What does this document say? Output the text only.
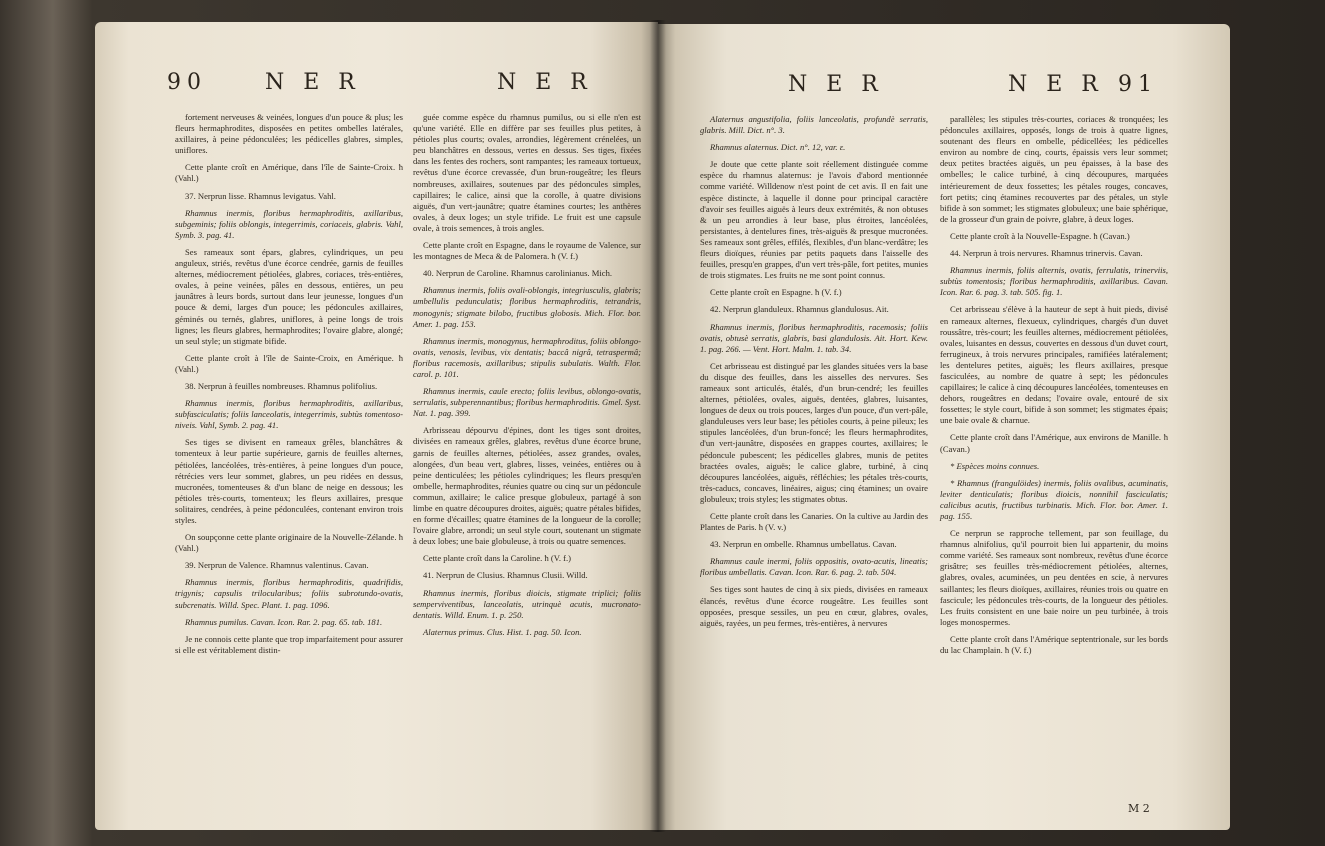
90	N E R	N E R

fortement nerveuses & veinées, longues d'un pouce & plus; les fleurs hermaphrodites, disposées en petites ombelles latérales, axillaires, à peine pédonculées; les pédicelles glabres, simples, uniflores.

Cette plante croît en Amérique, dans l'île de Sainte-Croix. ħ (Vahl.)

37. Nerprun lisse. Rhamnus levigatus. Vahl.

Rhamnus inermis, floribus hermaphroditis, axillaribus, subgeminis; foliis oblongis, integerrimis, coriaceis, glabris. Vahl, Symb. 3. pag. 41.

Ses rameaux sont épars, glabres, cylindriques, un peu anguleux, striés, revêtus d'une écorce cendrée, garnis de feuilles alternes, médiocrement pétiolées, glabres, coriaces, très-entières, ovales, à peine veinées, pâles en dessous, entières, un peu jaunâtres à leurs bords, surtout dans leur jeunesse, longues d'un pouce & demi, larges d'un pouce; les pédoncules axillaires, géminés ou ternés, glabres, uniflores, à peine longs de trois lignes; les fleurs glabres, hermaphrodites; l'ovaire glabre, alongé; un seul style; un stigmate bifide.

Cette plante croît à l'île de Sainte-Croix, en Amérique. ħ (Vahl.)

38. Nerprun à feuilles nombreuses. Rhamnus polifolius.

Rhamnus inermis, floribus hermaphroditis, axillaribus, subfasciculatis; foliis lanceolatis, integerrimis, subtùs tomentoso-niveis. Vahl, Symb. 2. pag. 41.

Ses tiges se divisent en rameaux grêles, blanchâtres & tomenteux à leur partie supérieure, garnis de feuilles alternes, pétiolées, lancéolées, très-entières, à peine longues d'un pouce, rétrécies vers leur sommet, glabres, un peu ridées en dessus, mucronées, tomenteuses & d'un blanc de neige en dessous; les pétioles très-courts, tomenteux; les fleurs axillaires, presque solitaires, cendrées, à peine pédonculées, contenant environ trois styles.

On soupçonne cette plante originaire de la Nouvelle-Zélande. ħ (Vahl.)

39. Nerprun de Valence. Rhamnus valentinus. Cavan.

Rhamnus inermis, floribus hermaphroditis, quadrifidis, trigynis; capsulis trilocularibus; foliis subrotundo-ovatis, subcrenatis. Willd. Spec. Plant. 1. pag. 1096.

Rhamnus pumilus. Cavan. Icon. Rar. 2. pag. 65. tab. 181.

Je ne connois cette plante que trop imparfaitement pour assurer si elle est véritablement distin-

guée comme espèce du rhamnus pumilus, ou si elle n'en est qu'une variété. Elle en diffère par ses feuilles plus petites, à pétioles plus courts; ovales, arrondies, légèrement crénelées, un peu blanchâtres en dessous, vertes en dessus. Ses tiges, fixées dans les fentes des rochers, sont rampantes; les rameaux tortueux, revêtus d'une écorce crevassée, d'un brun-rougeâtre; les fleurs nombreuses, axillaires, soutenues par des pédoncules simples, capillaires; le calice, ainsi que la corolle, à quatre divisions aiguës, d'un vert-jaunâtre; quatre étamines courtes; les anthères ovales, à deux loges; un style trifide. Le fruit est une capsule ovale, à trois semences, à trois angles.

Cette plante croît en Espagne, dans le royaume de Valence, sur les montagnes de Meca & de Palomera. ħ (V. f.)

40. Nerprun de Caroline. Rhamnus carolinianus. Mich.

Rhamnus inermis, foliis ovali-oblongis, integriusculis, glabris; umbellulis pedunculatis; floribus hermaphroditis, tetrandris, monogynis; stigmate bilobo, fructibus globosis. Mich. Flor. bor. Amer. 1. pag. 153.

Rhamnus inermis, monogynus, hermaphroditus, foliis oblongo-ovatis, venosis, levibus, vix dentatis; baccâ nigrâ, tetraspermâ; floribus racemosis, axillaribus; stipulis subulatis. Walth. Flor. carol. p. 101.

Rhamnus inermis, caule erecto; foliis levibus, oblongo-ovatis, serrulatis, subperennantibus; floribus hermaphroditis. Gmel. Syst. Nat. 1. pag. 399.

Arbrisseau dépourvu d'épines, dont les tiges sont droites, divisées en rameaux grêles, glabres, revêtus d'une écorce brune, garnis de feuilles alternes, pétiolées, assez grandes, ovales, alongées, d'un beau vert, glabres, lisses, veinées, entières ou à peine denticulées; les pétioles cylindriques; les fleurs presqu'en ombelle, hermaphrodites, réunies quatre ou cinq sur un pédoncule commun, axillaire; le calice presque globuleux, partagé à son limbe en quatre découpures droites, aiguës; quatre pétales bifides, en forme d'écailles; quatre étamines de la longueur de la corolle; l'ovaire glabre, arrondi; un seul style court, soutenant un stigmate à deux lobes; une baie globuleuse, à trois ou quatre semences.

Cette plante croît dans la Caroline. ħ (V. f.)

41. Nerprun de Clusius. Rhamnus Clusii. Willd.

Rhamnus inermis, floribus dioicis, stigmate triplici; foliis semperviventibus, lanceolatis, utrinquè acutis, mucronato-dentatis. Willd. Enum. 1. p. 250.

Alaternus primus. Clus. Hist. 1. pag. 50. Icon.

N E R	N E R 91

Alaternus angustifolia, foliis lanceolatis, profundè serratis, glabris. Mill. Dict. n°. 3.

Rhamnus alaternus. Dict. n°. 12, var. ε.

Je doute que cette plante soit réellement distinguée comme espèce du rhamnus alaternus: je l'avois d'abord mentionnée comme variété. Willdenow n'est point de cet avis. Il en fait une espèce distincte, à laquelle il donne pour principal caractère d'avoir ses feuilles aiguës à leurs deux extrémités, & non obtuses & un peu arrondies à leur base, plus étroites, lancéolées, persistantes, à dentelures fines, très-aiguës & presque mucronées. Ses rameaux sont grêles, effilés, flexibles, d'un blanc-verdâtre; les fleurs dioïques, réunies par petits paquets dans l'aisselle des feuilles, presqu'en grappes, d'un vert très-pâle, fort petites, munies de trois stigmates. Les fruits ne me sont point connus.

Cette plante croît en Espagne. ħ (V. f.)

42. Nerprun glanduleux. Rhamnus glandulosus. Ait.

Rhamnus inermis, floribus hermaphroditis, racemosis; foliis ovatis, obtusè serratis, glabris, basi glandulosis. Ait. Hort. Kew. 1. pag. 266. — Vent. Hort. Malm. 1. tab. 34.

Cet arbrisseau est distingué par les glandes situées vers la base du disque des feuilles, dans les aisselles des nervures. Ses rameaux sont articulés, étalés, d'un brun-cendré; les feuilles alternes, pétiolées, ovales, aiguës, dentées, glabres, luisantes, longues de deux ou trois pouces, larges d'un pouce, d'un vert-pâle, glanduleuses vers leur base; les pétioles courts, à peine pileux; les stipules lancéolées, d'un brun-foncé; les fleurs hermaphrodites, d'un vert-jaunâtre, disposées en grappes courtes, axillaires; le pédoncule pubescent; les pédicelles glabres, munis de petites bractées ovales, aiguës; le calice glabre, turbiné, à cinq découpures lancéolées, aiguës, réfléchies; les pétales très-courts, très-caducs, concaves, linéaires, aigus; cinq étamines; un ovaire globuleux; trois styles; les stigmates obtus.

Cette plante croît dans les Canaries. On la cultive au Jardin des Plantes de Paris. ħ (V. v.)

43. Nerprun en ombelle. Rhamnus umbellatus. Cavan.

Rhamnus caule inermi, foliis oppositis, ovato-acutis, lineatis; floribus umbellatis. Cavan. Icon. Rar. 6. pag. 2. tab. 504.

Ses tiges sont hautes de cinq à six pieds, divisées en rameaux élancés, revêtus d'une écorce rougeâtre. Les feuilles sont opposées, presque sessiles, un peu en cœur, glabres, ovales, aiguës, rayées, un peu fermes, très-entières, à nervures

parallèles; les stipules très-courtes, coriaces & tronquées; les pédoncules axillaires, opposés, longs de trois à quatre lignes, soutenant des fleurs en ombelle, pédicellées; les pédicelles environ au nombre de cinq, courts, épaissis vers leur sommet; deux petites bractées aiguës, un peu épaisses, à la base des ombelles; le calice turbiné, à cinq découpures, marquées intérieurement de deux fossettes; les pétales rouges, concaves, fort petits; cinq étamines recouvertes par des pétales, un style bifide à son sommet; les stigmates globuleux; une baie sphérique, de la grosseur d'un grain de poivre, glabre, à deux loges.

Cette plante croît à la Nouvelle-Espagne. ħ (Cavan.)

44. Nerprun à trois nervures. Rhamnus trinervis. Cavan.

Rhamnus inermis, foliis alternis, ovatis, ferrulatis, trinerviis, subtùs tomentosis; floribus hermaphroditis, axillaribus. Cavan. Icon. Rar. 6. pag. 3. tab. 505. fig. 1.

Cet arbrisseau s'élève à la hauteur de sept à huit pieds, divisé en rameaux alternes, flexueux, cylindriques, chargés d'un duvet roussâtre, très-court; les feuilles alternes, médiocrement pétiolées, ovales, luisantes en dessus, couvertes en dessous d'un duvet court, ferrugineux, à trois nervures principales, ramifiées latéralement; les dentelures petites, aiguës; les fleurs axillaires, presque fasciculées, au nombre de quatre à sept; les pédoncules capillaires; le calice à cinq découpures lancéolées, tomenteuses en dehors, rougeâtres en dedans; l'ovaire ovale, entouré de six fossettes; le style court, bifide à son sommet; les stigmates épais; une baie ovale & charnue.

Cette plante croît dans l'Amérique, aux environs de Manille. ħ (Cavan.)

* Espèces moins connues.

* Rhamnus (frangulöides) inermis, foliis ovalibus, acuminatis, leviter denticulatis; floribus dioicis, nonnihil fasciculatis; calicibus acutis, fructibus turbinatis. Mich. Flor. bor. Amer. 1. pag. 155.

Ce nerprun se rapproche tellement, par son feuillage, du rhamnus alnifolius, qu'il pourroit bien lui appartenir, du moins comme variété. Ses rameaux sont nombreux, revêtus d'une écorce grisâtre; ses feuilles très-médiocrement pétiolées, alternes, glabres, ovales, acuminées, un peu dentées en scie, à nervures saillantes; les fleurs dioïques, axillaires, réunies trois ou quatre en fascicule; les pédoncules très-courts, de la longueur des pétioles. Les fruits consistent en une baie noire un peu turbinée, à trois loges monospermes.

Cette plante croît dans l'Amérique septentrionale, sur les bords du lac Champlain. ħ (V. f.)

M 2
